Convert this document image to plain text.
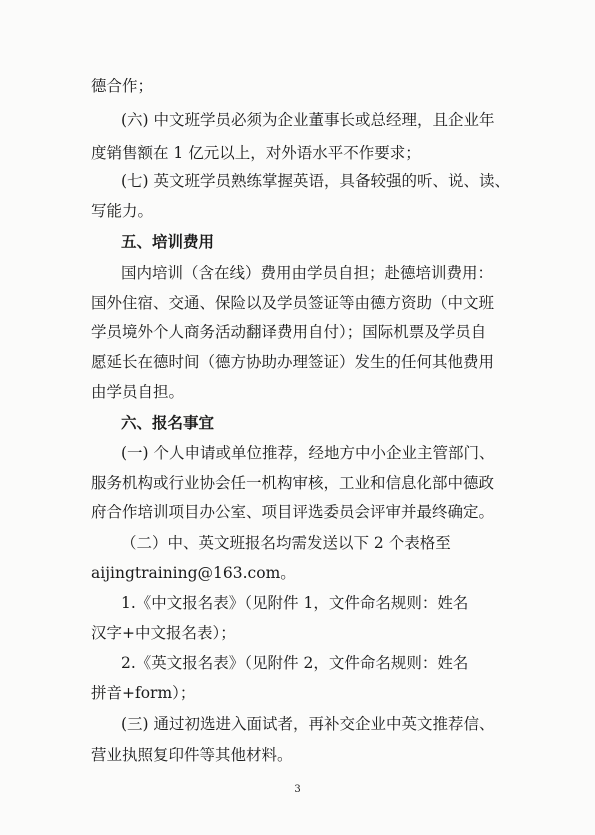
德合作；
(六) 中文班学员必须为企业董事长或总经理，且企业年
度销售额在 1 亿元以上，对外语水平不作要求；
(七) 英文班学员熟练掌握英语，具备较强的听、说、读、
写能力。
五、培训费用
国内培训（含在线）费用由学员自担；赴德培训费用：
国外住宿、交通、保险以及学员签证等由德方资助（中文班
学员境外个人商务活动翻译费用自付）；国际机票及学员自
愿延长在德时间（德方协助办理签证）发生的任何其他费用
由学员自担。
六、报名事宜
(一) 个人申请或单位推荐，经地方中小企业主管部门、
服务机构或行业协会任一机构审核，工业和信息化部中德政
府合作培训项目办公室、项目评选委员会评审并最终确定。
（二）中、英文班报名均需发送以下 2 个表格至
aijingtraining@163.com。
1.《中文报名表》（见附件 1，文件命名规则：姓名
汉字+中文报名表）；
2.《英文报名表》（见附件 2，文件命名规则：姓名
拼音+form）；
(三) 通过初选进入面试者，再补交企业中英文推荐信、
营业执照复印件等其他材料。
3
